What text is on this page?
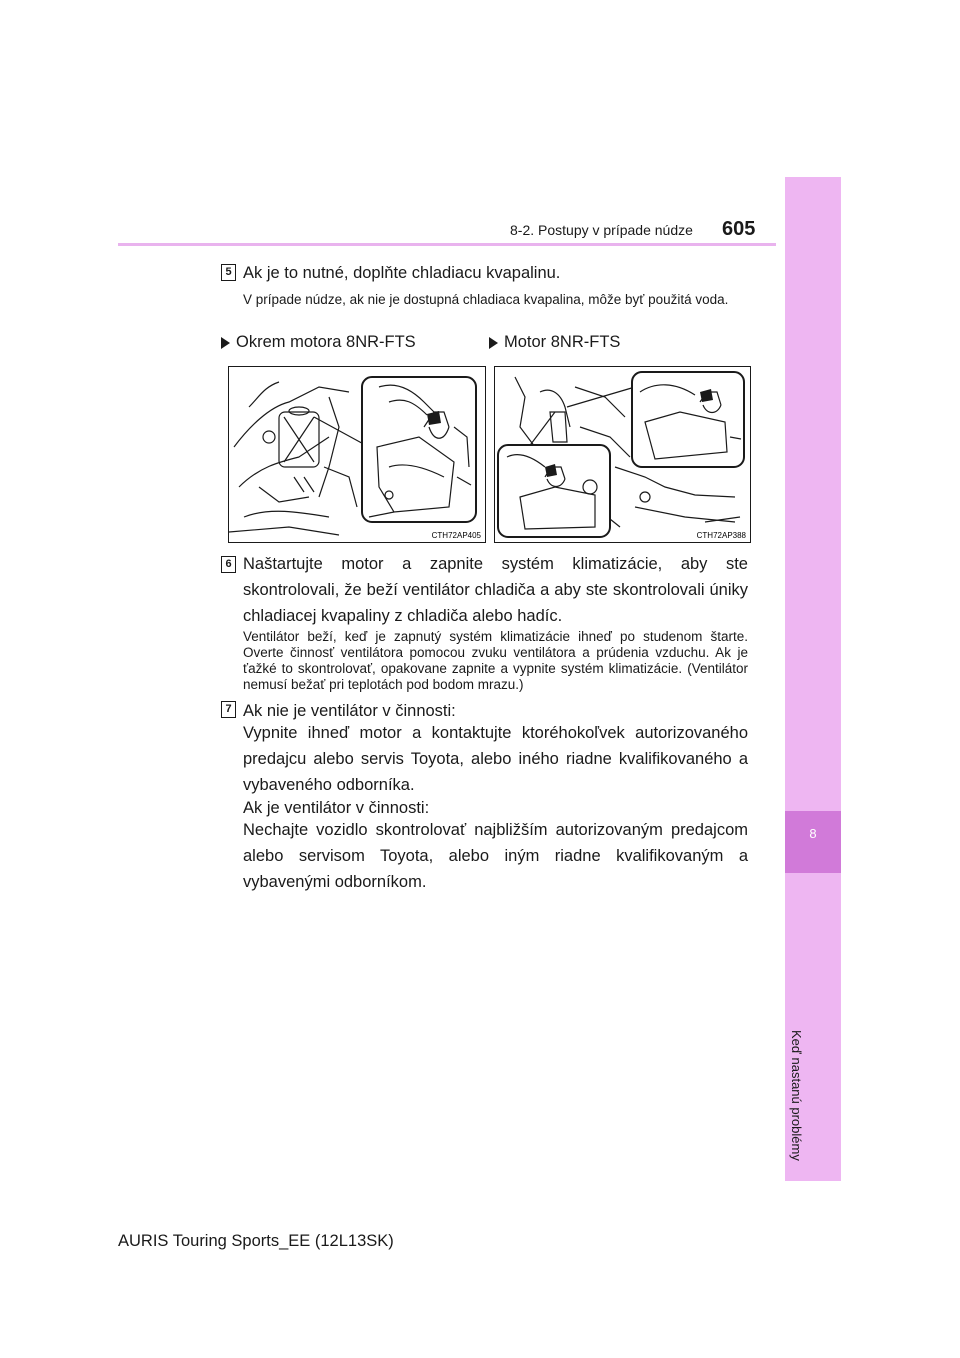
8-2. Postupy v prípade núdze 605
8
Keď nastanú problémy
5 Ak je to nutné, doplňte chladiacu kvapalinu.
V prípade núdze, ak nie je dostupná chladiaca kvapalina, môže byť použitá voda.
Okrem motora 8NR-FTS	Motor 8NR-FTS
CTH72AP405	CTH72AP388
6 Naštartujte motor a zapnite systém klimatizácie, aby ste skontrolovali, že beží ventilátor chladiča a aby ste skontrolovali úniky chladiacej kvapaliny z chladiča alebo hadíc.
Ventilátor beží, keď je zapnutý systém klimatizácie ihneď po studenom štarte. Overte činnosť ventilátora pomocou zvuku ventilátora a prúdenia vzduchu. Ak je ťažké to skontrolovať, opakovane zapnite a vypnite systém klimatizácie. (Ventilátor nemusí bežať pri teplotách pod bodom mrazu.)
7 Ak nie je ventilátor v činnosti:
Vypnite ihneď motor a kontaktujte ktoréhokoľvek autorizovaného predajcu alebo servis Toyota, alebo iného riadne kvalifikovaného a vybaveného odborníka.
Ak je ventilátor v činnosti:
Nechajte vozidlo skontrolovať najbližším autorizovaným predajcom alebo servisom Toyota, alebo iným riadne kvalifikovaným a vybavenými odborníkom.
AURIS Touring Sports_EE (12L13SK)
